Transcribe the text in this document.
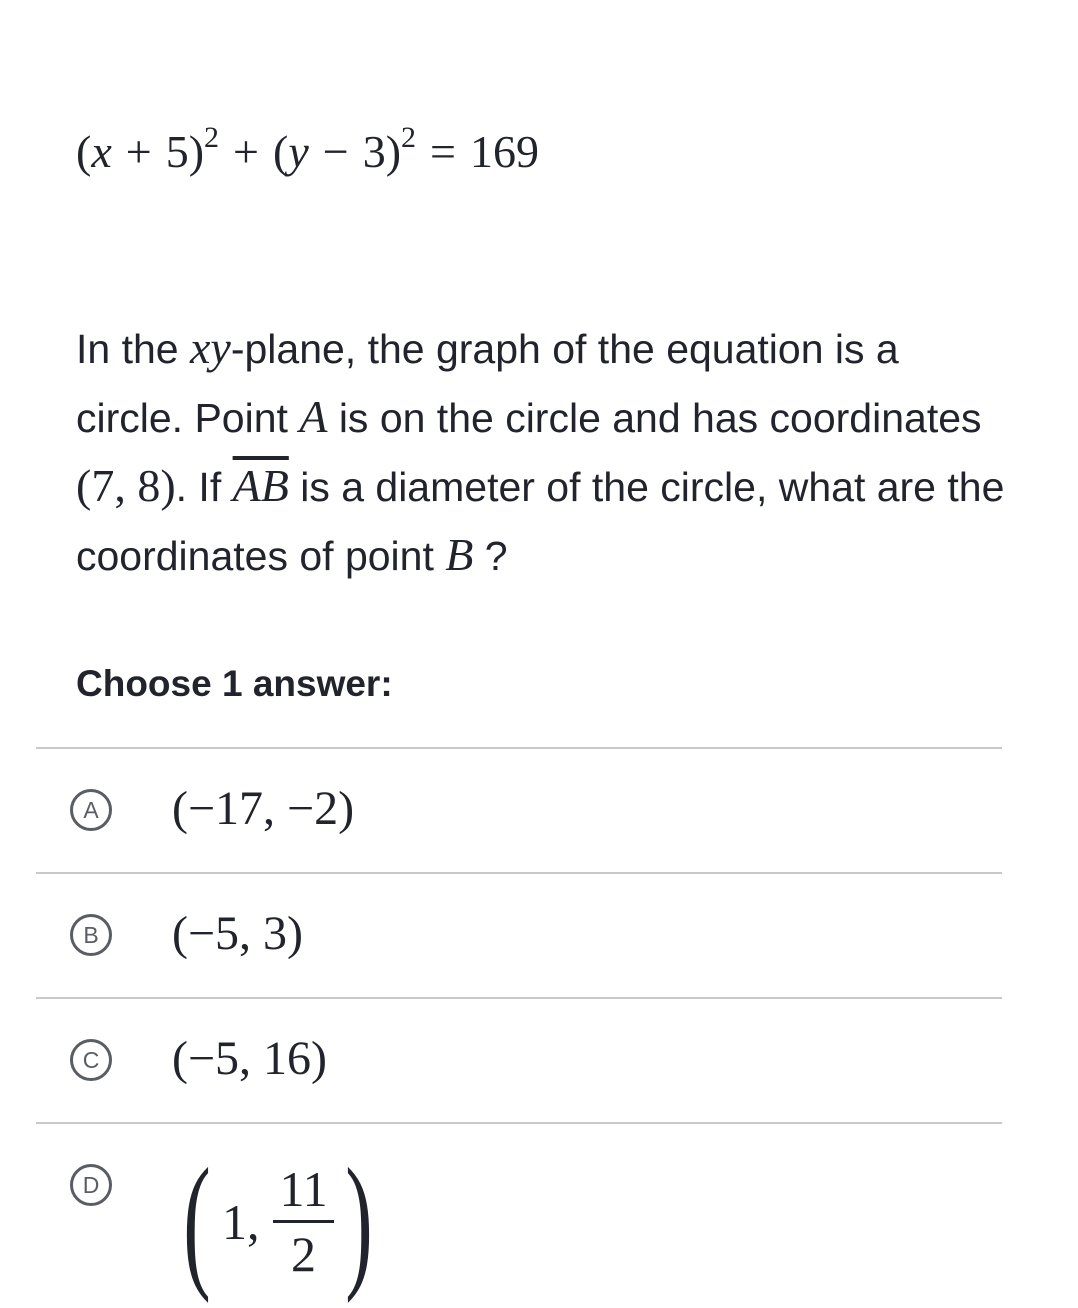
$(x + 5)^2 + (y - 3)^2 = 169$
In the xy-plane, the graph of the equation is a circle. Point A is on the circle and has coordinates (7, 8). If $\overline{AB}$ is a diameter of the circle, what are the coordinates of point B ?
Choose 1 answer:
A (−17, −2)
B (−5, 3)
C (−5, 16)
D ( 1, $\frac{11}{2}$ )
